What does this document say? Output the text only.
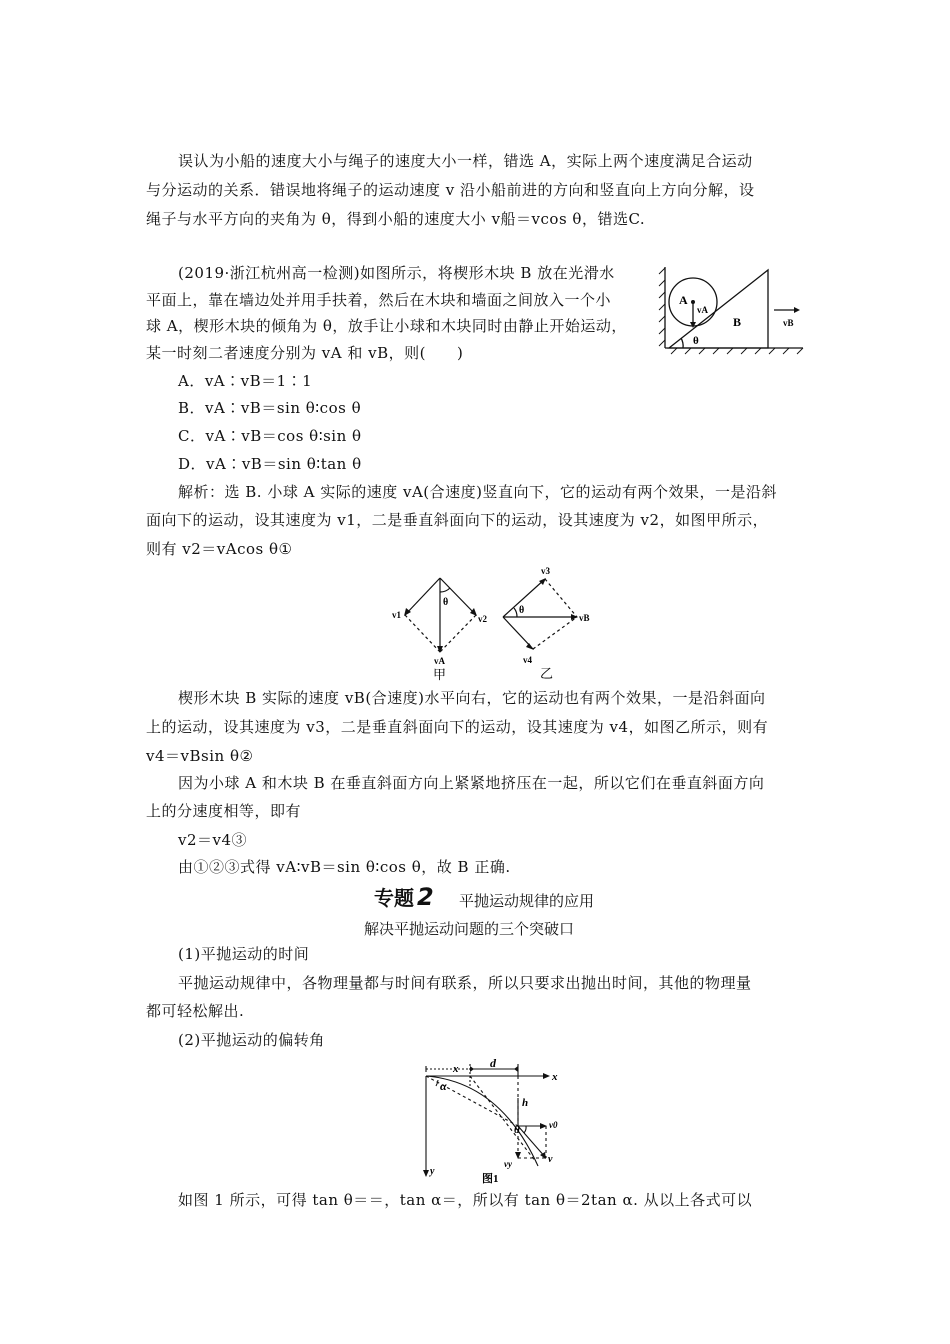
误认为小船的速度大小与绳子的速度大小一样，错选 A，实际上两个速度满足合运动
与分运动的关系．错误地将绳子的运动速度 v 沿小船前进的方向和竖直向上方向分解，设
绳子与水平方向的夹角为 θ，得到小船的速度大小 v船＝vcos θ，错选C.
(2019·浙江杭州高一检测)如图所示，将楔形木块 B 放在光滑水
平面上，靠在墙边处并用手扶着，然后在木块和墙面之间放入一个小
球 A，楔形木块的倾角为 θ，放手让小球和木块同时由静止开始运动，
某一时刻二者速度分别为 vA 和 vB，则(　　)
A．vA∶vB＝1∶1
B．vA∶vB＝sin θ∶cos θ
C．vA∶vB＝cos θ∶sin θ
D．vA∶vB＝sin θ∶tan θ
A
vA
B
θ
vB
解析：选 B. 小球 A 实际的速度 vA(合速度)竖直向下，它的运动有两个效果，一是沿斜
面向下的运动，设其速度为 v1，二是垂直斜面向下的运动，设其速度为 v2，如图甲所示，
则有 v2＝vAcos θ①
θ
v1	v2
vA
甲
θ
v3
vB
v4
乙
楔形木块 B 实际的速度 vB(合速度)水平向右，它的运动也有两个效果，一是沿斜面向
上的运动，设其速度为 v3，二是垂直斜面向下的运动，设其速度为 v4，如图乙所示，则有
v4＝vBsin θ②
因为小球 A 和木块 B 在垂直斜面方向上紧紧地挤压在一起，所以它们在垂直斜面方向
上的分速度相等，即有
v2＝v4③
由①②③式得 vA∶vB＝sin θ∶cos θ，故 B 正确.
专题 2 平抛运动规律的应用
解决平抛运动问题的三个突破口
(1)平抛运动的时间
平抛运动规律中，各物理量都与时间有联系，所以只要求出抛出时间，其他的物理量
都可轻松解出.
(2)平抛运动的偏转角
x	d
x
α
h
v0
θ
vy	v
y
图1
如图 1 所示，可得 tan θ＝＝，tan α＝，所以有 tan θ＝2tan α. 从以上各式可以
